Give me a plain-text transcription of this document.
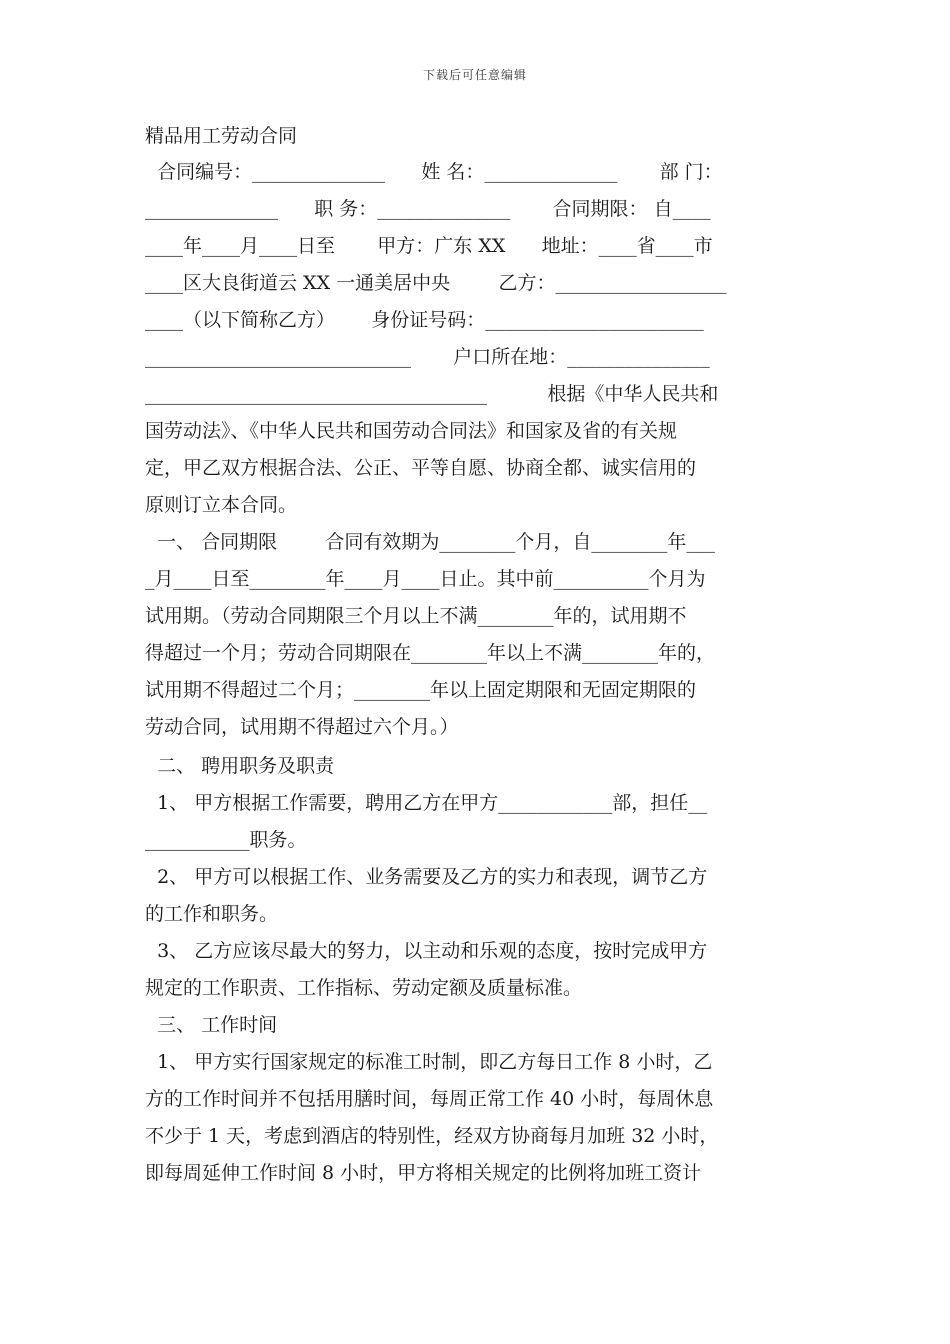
下载后可任意编辑
精品用工劳动合同
合同编号：______________      姓 名：______________       部 门：
______________      职 务：______________       合同期限： 自____
____年____月____日至       甲方：广东 XX      地址：____省____市
____区大良街道云 XX 一通美居中央        乙方：__________________
____（以下简称乙方）      身份证号码：_______________________
____________________________       户口所在地：_______________
____________________________________          根据《中华人民共和
国劳动法》、《中华人民共和国劳动合同法》和国家及省的有关规
定，甲乙双方根据合法、公正、平等自愿、协商全都、诚实信用的
原则订立本合同。
一、 合同期限        合同有效期为________个月，自________年___
_月____日至________年____月____日止。其中前__________个月为
试用期。（劳动合同期限三个月以上不满________年的，试用期不
得超过一个月；劳动合同期限在________年以上不满________年的，
试用期不得超过二个月；________年以上固定期限和无固定期限的
劳动合同，试用期不得超过六个月。）
二、 聘用职务及职责
1、 甲方根据工作需要，聘用乙方在甲方____________部，担任__
___________职务。
2、 甲方可以根据工作、业务需要及乙方的实力和表现，调节乙方
的工作和职务。
3、 乙方应该尽最大的努力，以主动和乐观的态度，按时完成甲方
规定的工作职责、工作指标、劳动定额及质量标准。
三、 工作时间
1、 甲方实行国家规定的标准工时制，即乙方每日工作 8 小时，乙
方的工作时间并不包括用膳时间，每周正常工作 40 小时，每周休息
不少于 1 天，考虑到酒店的特别性，经双方协商每月加班 32 小时，
即每周延伸工作时间 8 小时，甲方将相关规定的比例将加班工资计
